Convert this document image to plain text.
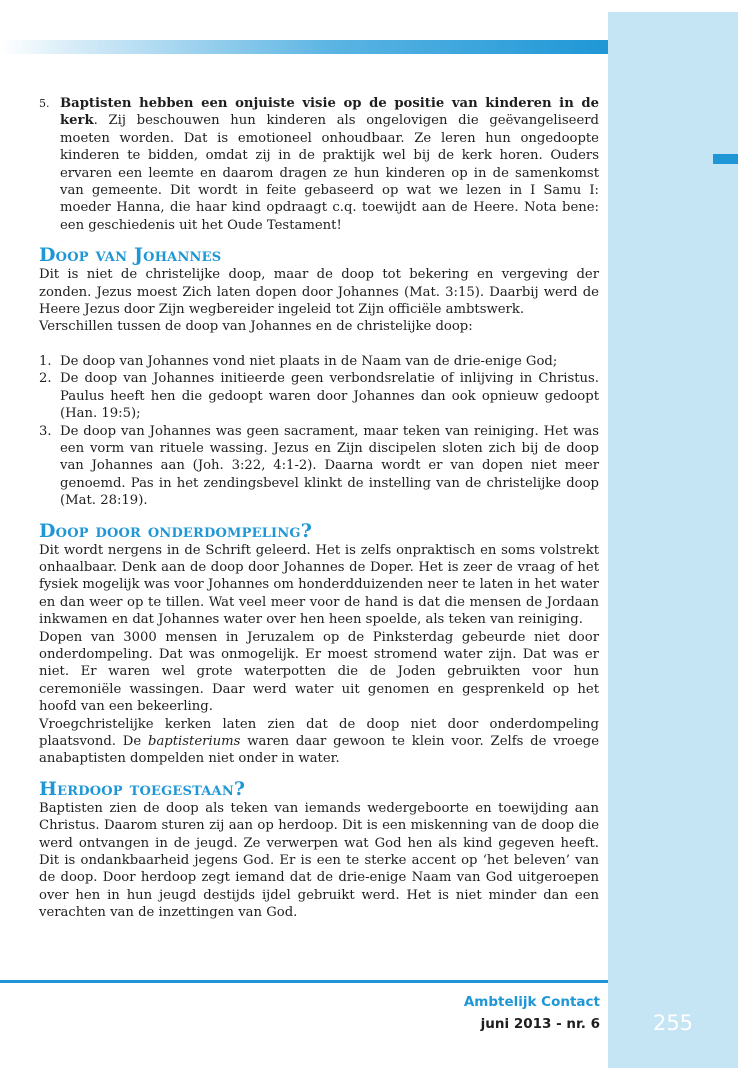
5. Baptisten hebben een onjuiste visie op de positie van kinderen in de kerk. Zij beschouwen hun kinderen als ongelovigen die geëvangeliseerd moeten worden. Dat is emotioneel onhoudbaar. Ze leren hun ongedoopte kinderen te bidden, omdat zij in de praktijk wel bij de kerk horen. Ouders ervaren een leemte en daarom dragen ze hun kinderen op in de samenkomst van gemeente. Dit wordt in feite gebaseerd op wat we lezen in I Samu I: moeder Hanna, die haar kind opdraagt c.q. toewijdt aan de Heere. Nota bene: een geschiedenis uit het Oude Testament!
Doop van Johannes

Dit is niet de christelijke doop, maar de doop tot bekering en vergeving der zonden. Jezus moest Zich laten dopen door Johannes (Mat. 3:15). Daarbij werd de Heere Jezus door Zijn wegbereider ingeleid tot Zijn officiële ambtswerk.

Verschillen tussen de doop van Johannes en de christelijke doop:

1. De doop van Johannes vond niet plaats in de Naam van de drie-enige God;
2. De doop van Johannes initieerde geen verbondsrelatie of inlijving in Christus. Paulus heeft hen die gedoopt waren door Johannes dan ook opnieuw gedoopt (Han. 19:5);
3. De doop van Johannes was geen sacrament, maar teken van reiniging. Het was een vorm van rituele wassing. Jezus en Zijn discipelen sloten zich bij de doop van Johannes aan (Joh. 3:22, 4:1-2). Daarna wordt er van dopen niet meer genoemd. Pas in het zendingsbevel klinkt de instelling van de christelijke doop (Mat. 28:19).
Doop door onderdompeling?

Dit wordt nergens in de Schrift geleerd. Het is zelfs onpraktisch en soms volstrekt onhaalbaar. Denk aan de doop door Johannes de Doper. Het is zeer de vraag of het fysiek mogelijk was voor Johannes om honderdduizenden neer te laten in het water en dan weer op te tillen. Wat veel meer voor de hand is dat die mensen de Jordaan inkwamen en dat Johannes water over hen heen spoelde, als teken van reiniging.

Dopen van 3000 mensen in Jeruzalem op de Pinksterdag gebeurde niet door onderdompeling. Dat was onmogelijk. Er moest stromend water zijn. Dat was er niet. Er waren wel grote waterpotten die de Joden gebruikten voor hun ceremoniële wassingen. Daar werd water uit genomen en gesprenkeld op het hoofd van een bekeerling.

Vroegchristelijke kerken laten zien dat de doop niet door onderdompeling plaatsvond. De baptisteriums waren daar gewoon te klein voor. Zelfs de vroege anabaptisten dompelden niet onder in water.

Herdoop toegestaan?

Baptisten zien de doop als teken van iemands wedergeboorte en toewijding aan Christus. Daarom sturen zij aan op herdoop. Dit is een miskenning van de doop die werd ontvangen in de jeugd. Ze verwerpen wat God hen als kind gegeven heeft. Dit is ondankbaarheid jegens God. Er is een te sterke accent op ‘het beleven’ van de doop. Door herdoop zegt iemand dat de drie-enige Naam van God uitgeroepen over hen in hun jeugd destijds ijdel gebruikt werd. Het is niet minder dan een verachten van de inzettingen van God.

Ambtelijk Contact
juni 2013 - nr. 6	255
